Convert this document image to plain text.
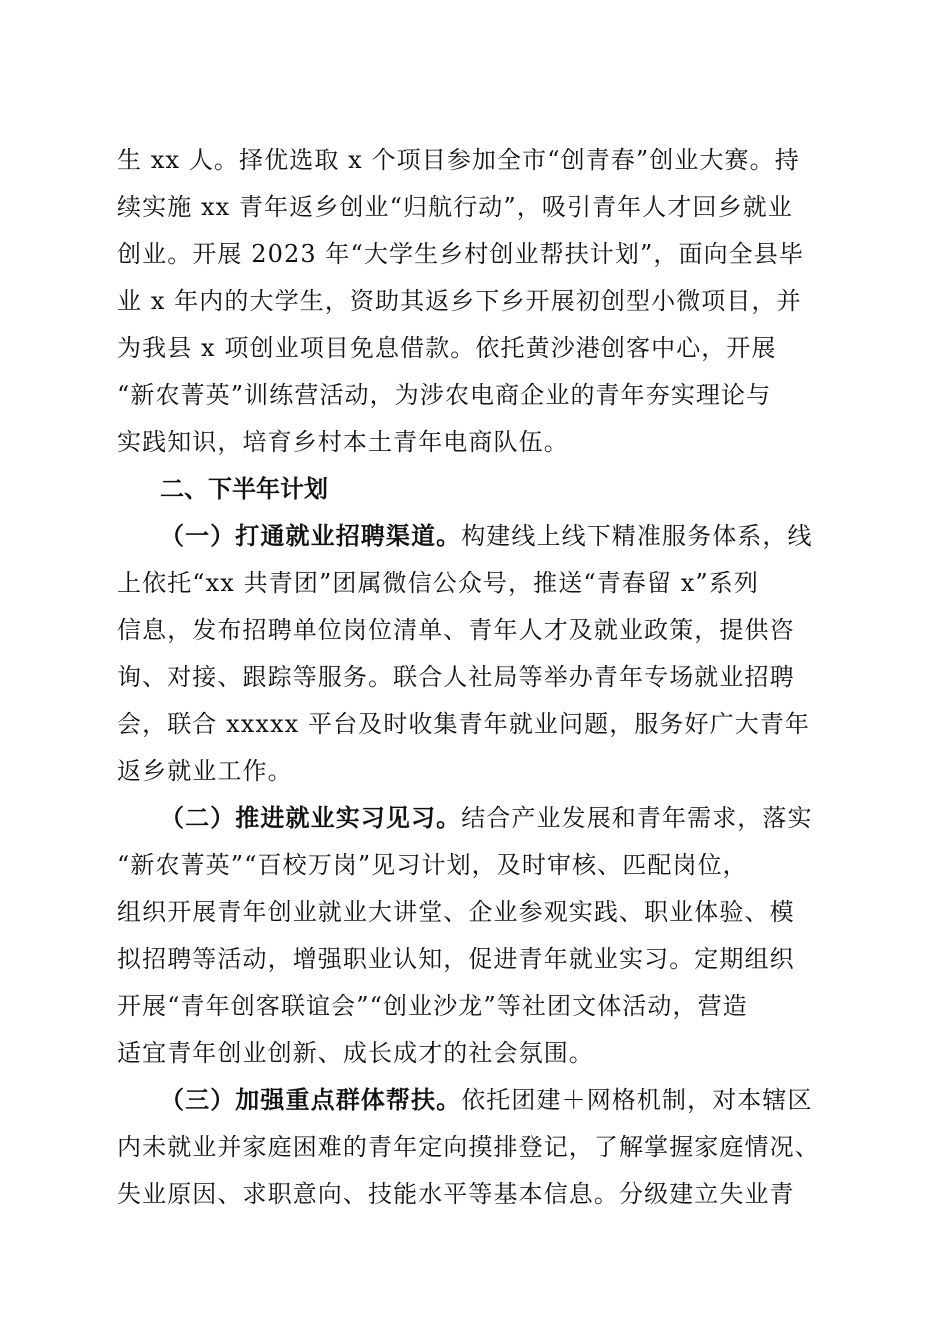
生 xx 人。择优选取 x 个项目参加全市“创青春”创业大赛。持
续实施 xx 青年返乡创业“归航行动”，吸引青年人才回乡就业
创业。开展 2023 年“大学生乡村创业帮扶计划”，面向全县毕
业 x 年内的大学生，资助其返乡下乡开展初创型小微项目，并
为我县 x 项创业项目免息借款。依托黄沙港创客中心，开展
“新农菁英”训练营活动，为涉农电商企业的青年夯实理论与
实践知识，培育乡村本土青年电商队伍。
二、下半年计划
（一）打通就业招聘渠道。构建线上线下精准服务体系，线
上依托“xx 共青团”团属微信公众号，推送“青春留 x”系列
信息，发布招聘单位岗位清单、青年人才及就业政策，提供咨
询、对接、跟踪等服务。联合人社局等举办青年专场就业招聘
会，联合 xxxxx 平台及时收集青年就业问题，服务好广大青年
返乡就业工作。
（二）推进就业实习见习。结合产业发展和青年需求，落实
“新农菁英”“百校万岗”见习计划，及时审核、匹配岗位，
组织开展青年创业就业大讲堂、企业参观实践、职业体验、模
拟招聘等活动，增强职业认知，促进青年就业实习。定期组织
开展“青年创客联谊会”“创业沙龙”等社团文体活动，营造
适宜青年创业创新、成长成才的社会氛围。
（三）加强重点群体帮扶。依托团建＋网格机制，对本辖区
内未就业并家庭困难的青年定向摸排登记，了解掌握家庭情况、
失业原因、求职意向、技能水平等基本信息。分级建立失业青
